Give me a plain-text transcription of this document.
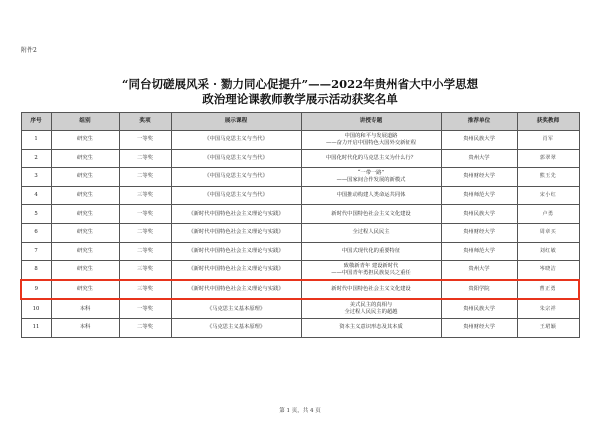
附件2
“同台切磋展风采 · 勠力同心促提升”——2022年贵州省大中小学思想
政治理论课教师教学展示活动获奖名单
序号	组别	奖项	展示课程	讲授专题	推荐单位	获奖教师
1	研究生	一等奖	《中国马克思主义与当代》	中国的和平与发展道路
——奋力开启中国特色大国外交新征程	贵州民族大学	肖军
2	研究生	二等奖	《中国马克思主义与当代》	中国化时代化的马克思主义为什么行？	贵州大学	郭翠翠
3	研究生	二等奖	《中国马克思主义与当代》	“一带一路”
——国家间合作发展的新模式	贵州财经大学	熊玉先
4	研究生	三等奖	《中国马克思主义与当代》	中国推动构建人类命运共同体	贵州师范大学	宋小红
5	研究生	一等奖	《新时代中国特色社会主义理论与实践》	新时代中国特色社会主义文化建设	贵州民族大学	卢勇
6	研究生	二等奖	《新时代中国特色社会主义理论与实践》	全过程人民民主	贵州财经大学	周章买
7	研究生	二等奖	《新时代中国特色社会主义理论与实践》	中国式现代化的重要特征	贵州师范大学	刘红敏
8	研究生	三等奖	《新时代中国特色社会主义理论与实践》	致敬新青年 建设新时代
——中国青年勇担民族复兴之重任	贵州大学	岑晓洁
9	研究生	三等奖	《新时代中国特色社会主义理论与实践》	新时代中国特色社会主义文化建设	贵阳学院	曹正勇
10	本科	一等奖	《马克思主义基本原理》	美式民主的真相与
全过程人民民主的超越	贵州民族大学	朱宗祥
11	本科	二等奖	《马克思主义基本原理》	资本主义意识形态及其本质	贵州财经大学	王珺颖
第 1 页，共 4 页
